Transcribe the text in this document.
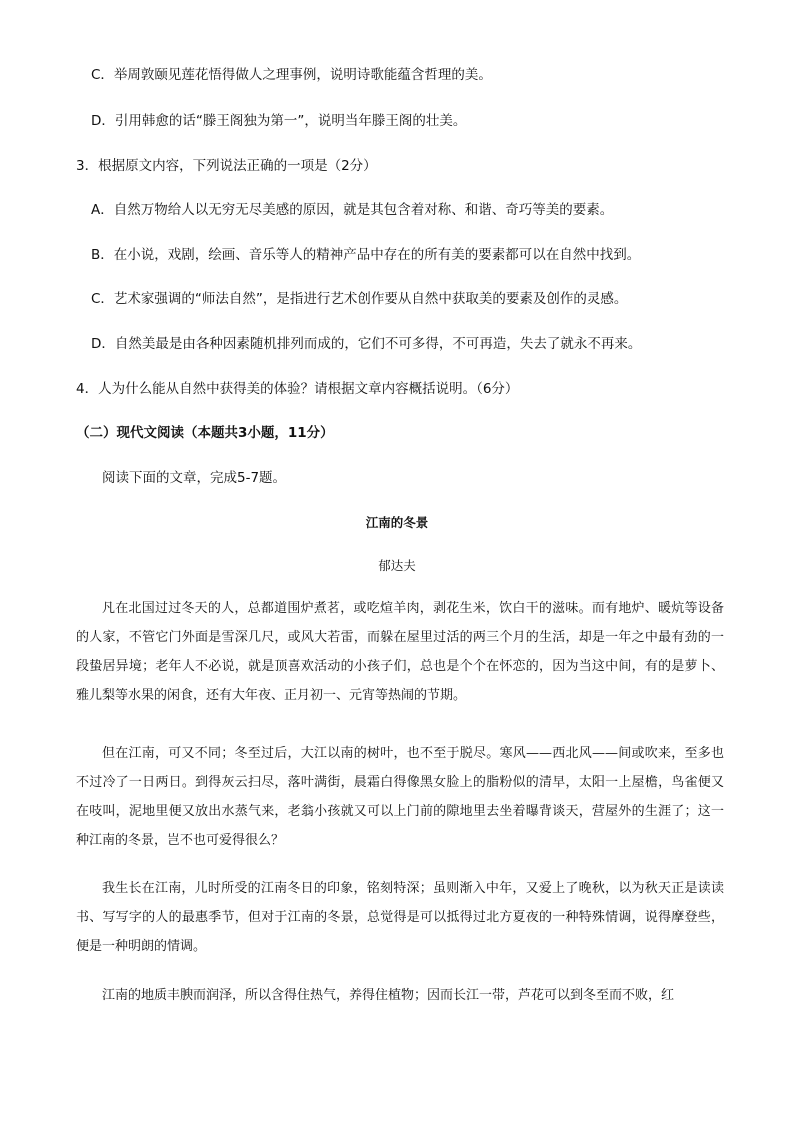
C．举周敦颐见莲花悟得做人之理事例，说明诗歌能蕴含哲理的美。
D．引用韩愈的话“滕王阁独为第一”，说明当年滕王阁的壮美。
3．根据原文内容，下列说法正确的一项是（2分）
A．自然万物给人以无穷无尽美感的原因，就是其包含着对称、和谐、奇巧等美的要素。
B．在小说，戏剧，绘画、音乐等人的精神产品中存在的所有美的要素都可以在自然中找到。
C．艺术家强调的“师法自然”，是指进行艺术创作要从自然中获取美的要素及创作的灵感。
D．自然美最是由各种因素随机排列而成的，它们不可多得，不可再造，失去了就永不再来。
4．人为什么能从自然中获得美的体验？请根据文章内容概括说明。（6分）
（二）现代文阅读（本题共3小题，11分）
阅读下面的文章，完成5-7题。
江南的冬景
郁达夫
凡在北国过过冬天的人，总都道围炉煮茗，或吃煊羊肉，剥花生米，饮白干的滋味。而有地炉、暖炕等设备的人家，不管它门外面是雪深几尺，或风大若雷，而躲在屋里过活的两三个月的生活，却是一年之中最有劲的一段蛰居异境；老年人不必说，就是顶喜欢活动的小孩子们，总也是个个在怀恋的，因为当这中间，有的是萝卜、雅儿梨等水果的闲食，还有大年夜、正月初一、元宵等热闹的节期。
但在江南，可又不同；冬至过后，大江以南的树叶，也不至于脱尽。寒风——西北风——间或吹来，至多也不过冷了一日两日。到得灰云扫尽，落叶满街，晨霜白得像黑女脸上的脂粉似的清早，太阳一上屋檐，鸟雀便又在吱叫，泥地里便又放出水蒸气来，老翁小孩就又可以上门前的隙地里去坐着曝背谈天，营屋外的生涯了；这一种江南的冬景，岂不也可爱得很么？
我生长在江南，儿时所受的江南冬日的印象，铭刻特深；虽则渐入中年，又爱上了晚秋，以为秋天正是读读书、写写字的人的最惠季节，但对于江南的冬景，总觉得是可以抵得过北方夏夜的一种特殊情调，说得摩登些，便是一种明朗的情调。
江南的地质丰腴而润泽，所以含得住热气，养得住植物；因而长江一带，芦花可以到冬至而不败，红
